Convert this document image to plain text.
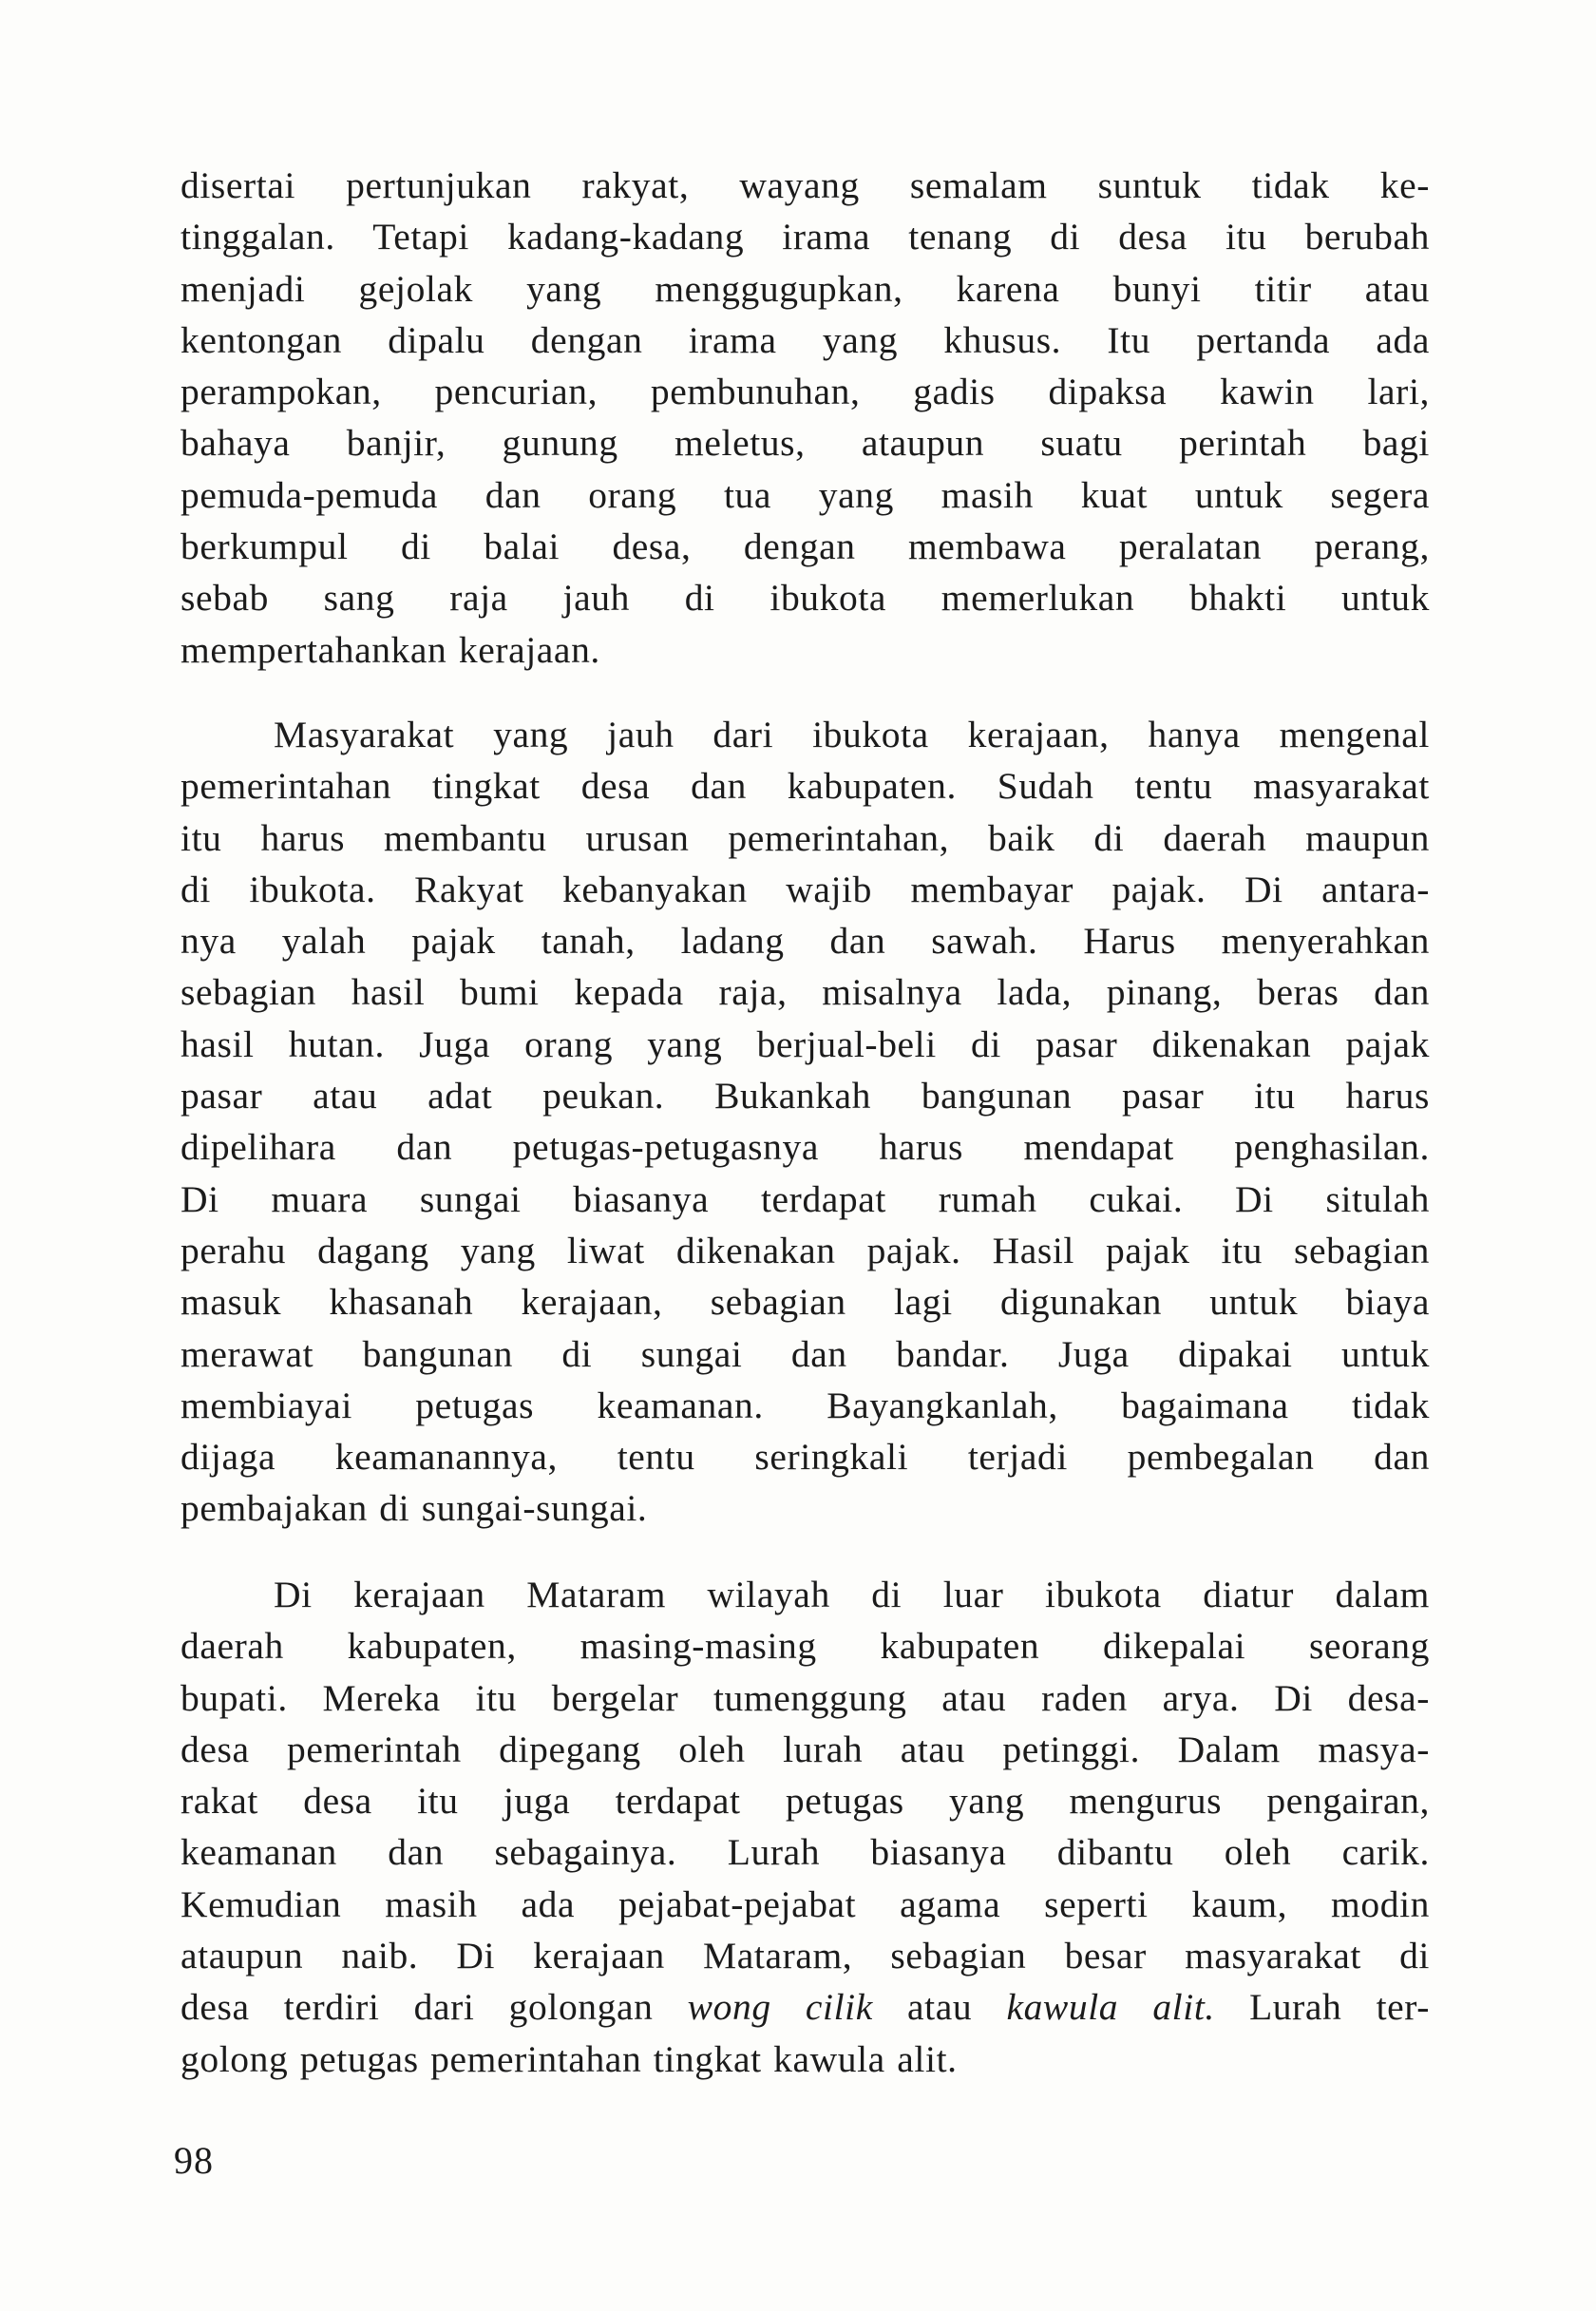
disertai pertunjukan rakyat, wayang semalam suntuk tidak ke-
tinggalan. Tetapi kadang-kadang irama tenang di desa itu berubah
menjadi gejolak yang menggugupkan, karena bunyi titir atau
kentongan dipalu dengan irama yang khusus. Itu pertanda ada
perampokan, pencurian, pembunuhan, gadis dipaksa kawin lari,
bahaya banjir, gunung meletus, ataupun suatu perintah bagi
pemuda-pemuda dan orang tua yang masih kuat untuk segera
berkumpul di balai desa, dengan membawa peralatan perang,
sebab sang raja jauh di ibukota memerlukan bhakti untuk
mempertahankan kerajaan.
Masyarakat yang jauh dari ibukota kerajaan, hanya mengenal
pemerintahan tingkat desa dan kabupaten. Sudah tentu masyarakat
itu harus membantu urusan pemerintahan, baik di daerah maupun
di ibukota. Rakyat kebanyakan wajib membayar pajak. Di antara-
nya yalah pajak tanah, ladang dan sawah. Harus menyerahkan
sebagian hasil bumi kepada raja, misalnya lada, pinang, beras dan
hasil hutan. Juga orang yang berjual-beli di pasar dikenakan pajak
pasar atau adat peukan. Bukankah bangunan pasar itu harus
dipelihara dan petugas-petugasnya harus mendapat penghasilan.
Di muara sungai biasanya terdapat rumah cukai. Di situlah
perahu dagang yang liwat dikenakan pajak. Hasil pajak itu sebagian
masuk khasanah kerajaan, sebagian lagi digunakan untuk biaya
merawat bangunan di sungai dan bandar. Juga dipakai untuk
membiayai petugas keamanan. Bayangkanlah, bagaimana tidak
dijaga keamanannya, tentu seringkali terjadi pembegalan dan
pembajakan di sungai-sungai.
Di kerajaan Mataram wilayah di luar ibukota diatur dalam
daerah kabupaten, masing-masing kabupaten dikepalai seorang
bupati. Mereka itu bergelar tumenggung atau raden arya. Di desa-
desa pemerintah dipegang oleh lurah atau petinggi. Dalam masya-
rakat desa itu juga terdapat petugas yang mengurus pengairan,
keamanan dan sebagainya. Lurah biasanya dibantu oleh carik.
Kemudian masih ada pejabat-pejabat agama seperti kaum, modin
ataupun naib. Di kerajaan Mataram, sebagian besar masyarakat di
desa terdiri dari golongan wong cilik atau kawula alit. Lurah ter-
golong petugas pemerintahan tingkat kawula alit.
98
